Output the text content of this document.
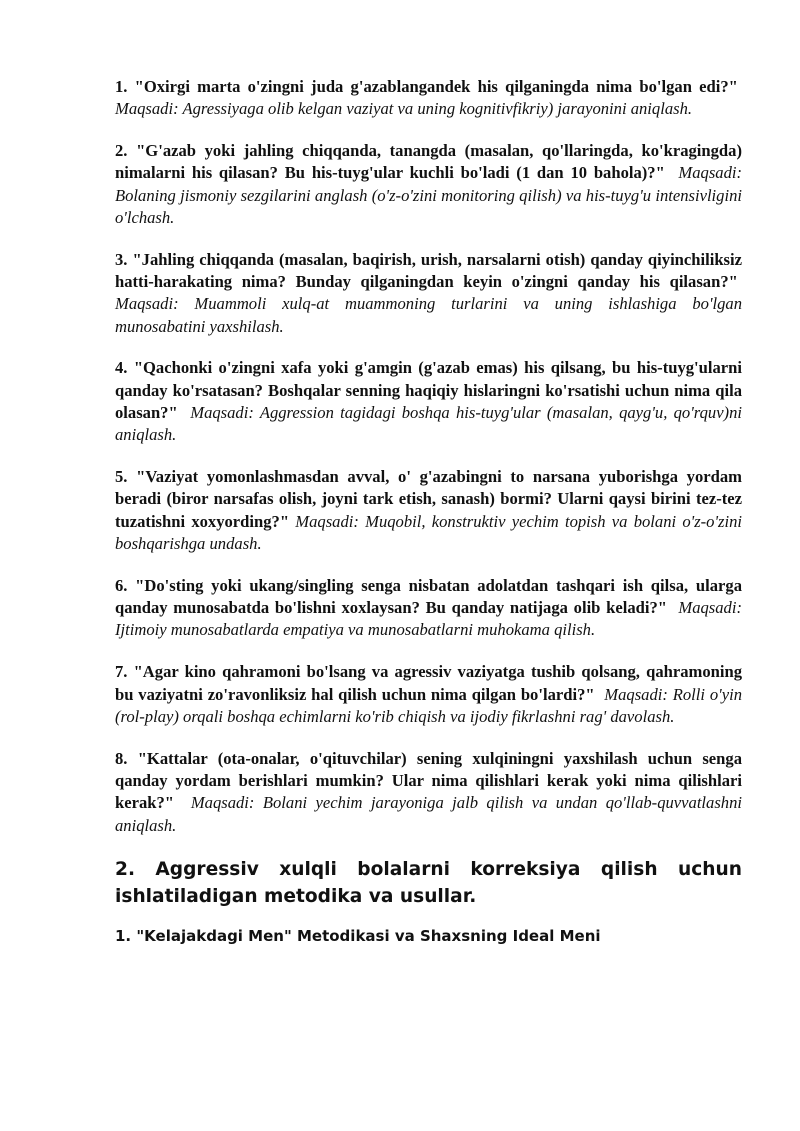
1. "Oxirgi marta o'zingni juda g'azablangandek his qilganingda nima bo'lgan edi?"  Maqsadi: Agressiyaga olib kelgan vaziyat va uning kognitivfikriy) jarayonini aniqlash.

2. "G'azab yoki jahling chiqqanda, tanangda (masalan, qo'llaringda, ko'kragingda) nimalarni his qilasan? Bu his-tuyg'ular kuchli bo'ladi (1 dan 10 bahola)?" Maqsadi: Bolaning jismoniy sezgilarini anglash (o'z-o'zini monitoring qilish) va his-tuyg'u intensivligini o'lchash.

3. "Jahling chiqqanda (masalan, baqirish, urish, narsalarni otish) qanday qiyinchiliksiz hatti-harakating nima? Bunday qilganingdan keyin o'zingni qanday his qilasan?"  Maqsadi: Muammoli xulq-at muammoning turlarini va uning ishlashiga bo'lgan munosabatini yaxshilash.

4. "Qachonki o'zingni xafa yoki g'amgin (g'azab emas) his qilsang, bu his-tuyg'ularni qanday ko'rsatasan? Boshqalar senning haqiqiy hislaringni ko'rsatishi uchun nima qila olasan?" Maqsadi: Aggression tagidagi boshqa his-tuyg'ular (masalan, qayg'u, qo'rquv)ni aniqlash.

5. "Vaziyat yomonlashmasdan avval, o' g'azabingni to narsana yuborishga yordam beradi (biror narsafas olish, joyni tark etish, sanash) bormi? Ularni qaysi birini tez-tez tuzatishni xoxyording?" Maqsadi: Muqobil, konstruktiv yechim topish va bolani o'z-o'zini boshqarishga undash.

6. "Do'sting yoki ukang/singling senga nisbatan adolatdan tashqari ish qilsa, ularga qanday munosabatda bo'lishni xoxlaysan? Bu qanday natijaga olib keladi?" Maqsadi: Ijtimoiy munosabatlarda empatiya va munosabatlarni muhokama qilish.

7. "Agar kino qahramoni bo'lsang va agressiv vaziyatga tushib qolsang, qahramoning bu vaziyatni zo'ravonliksiz hal qilish uchun nima qilgan bo'lardi?" Maqsadi: Rolli o'yin (rol-play) orqali boshqa echimlarni ko'rib chiqish va ijodiy fikrlashni rag' davolash.

8. "Kattalar (ota-onalar, o'qituvchilar) sening xulqiningni yaxshilash uchun senga qanday yordam berishlari mumkin? Ular nima qilishlari kerak yoki nima qilishlari kerak?" Maqsadi: Bolani yechim jarayoniga jalb qilish va undan qo'llab-quvvatlashni aniqlash.

2. Aggressiv xulqli bolalarni korreksiya qilish uchun ishlatiladigan metodika va usullar.
1. "Kelajakdagi Men" Metodikasi va Shaxsning Ideal Meni
